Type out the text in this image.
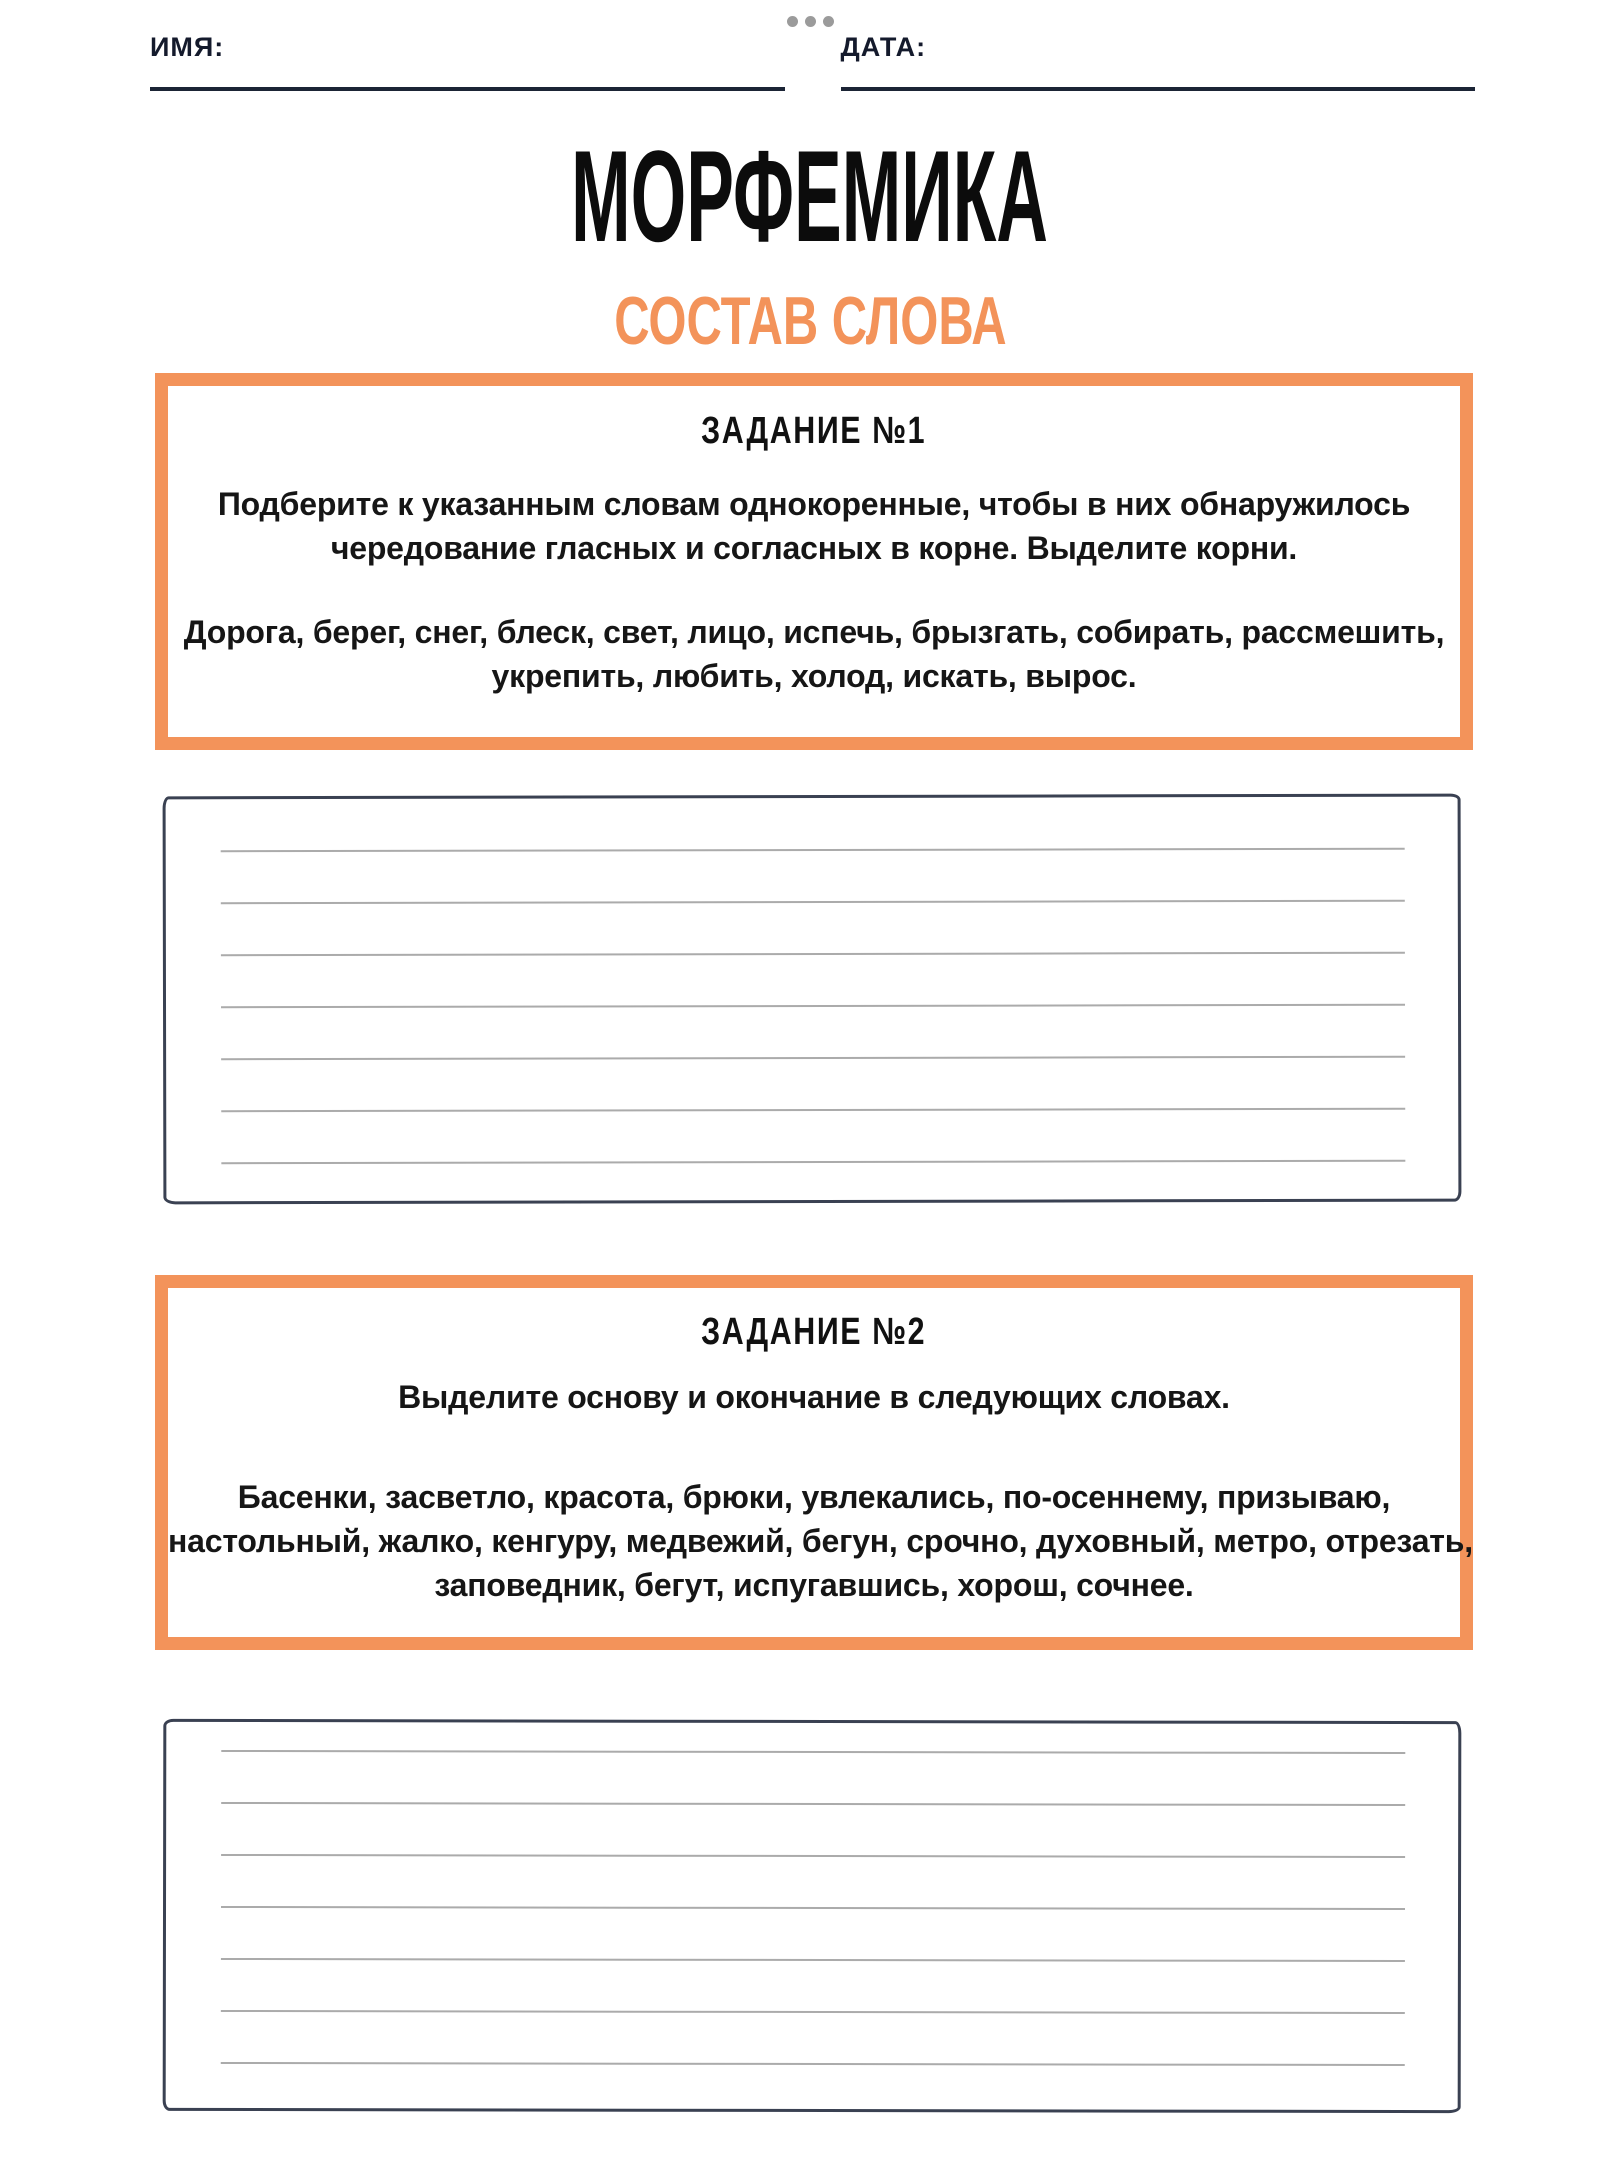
ИМЯ:	ДАТА:
МОРФЕМИКА
СОСТАВ СЛОВА
ЗАДАНИЕ №1
Подберите к указанным словам однокоренные, чтобы в них обнаружилось
чередование гласных и согласных в корне. Выделите корни.
Дорога, берег, снег, блеск, свет, лицо, испечь, брызгать, собирать, рассмешить,
укрепить, любить, холод, искать, вырос.
ЗАДАНИЕ №2
Выделите основу и окончание в следующих словах.
Басенки, засветло, красота, брюки, увлекались, по-осеннему, призываю,
настольный, жалко, кенгуру, медвежий, бегун, срочно, духовный, метро, отрезать,
заповедник, бегут, испугавшись, хорош, сочнее.
